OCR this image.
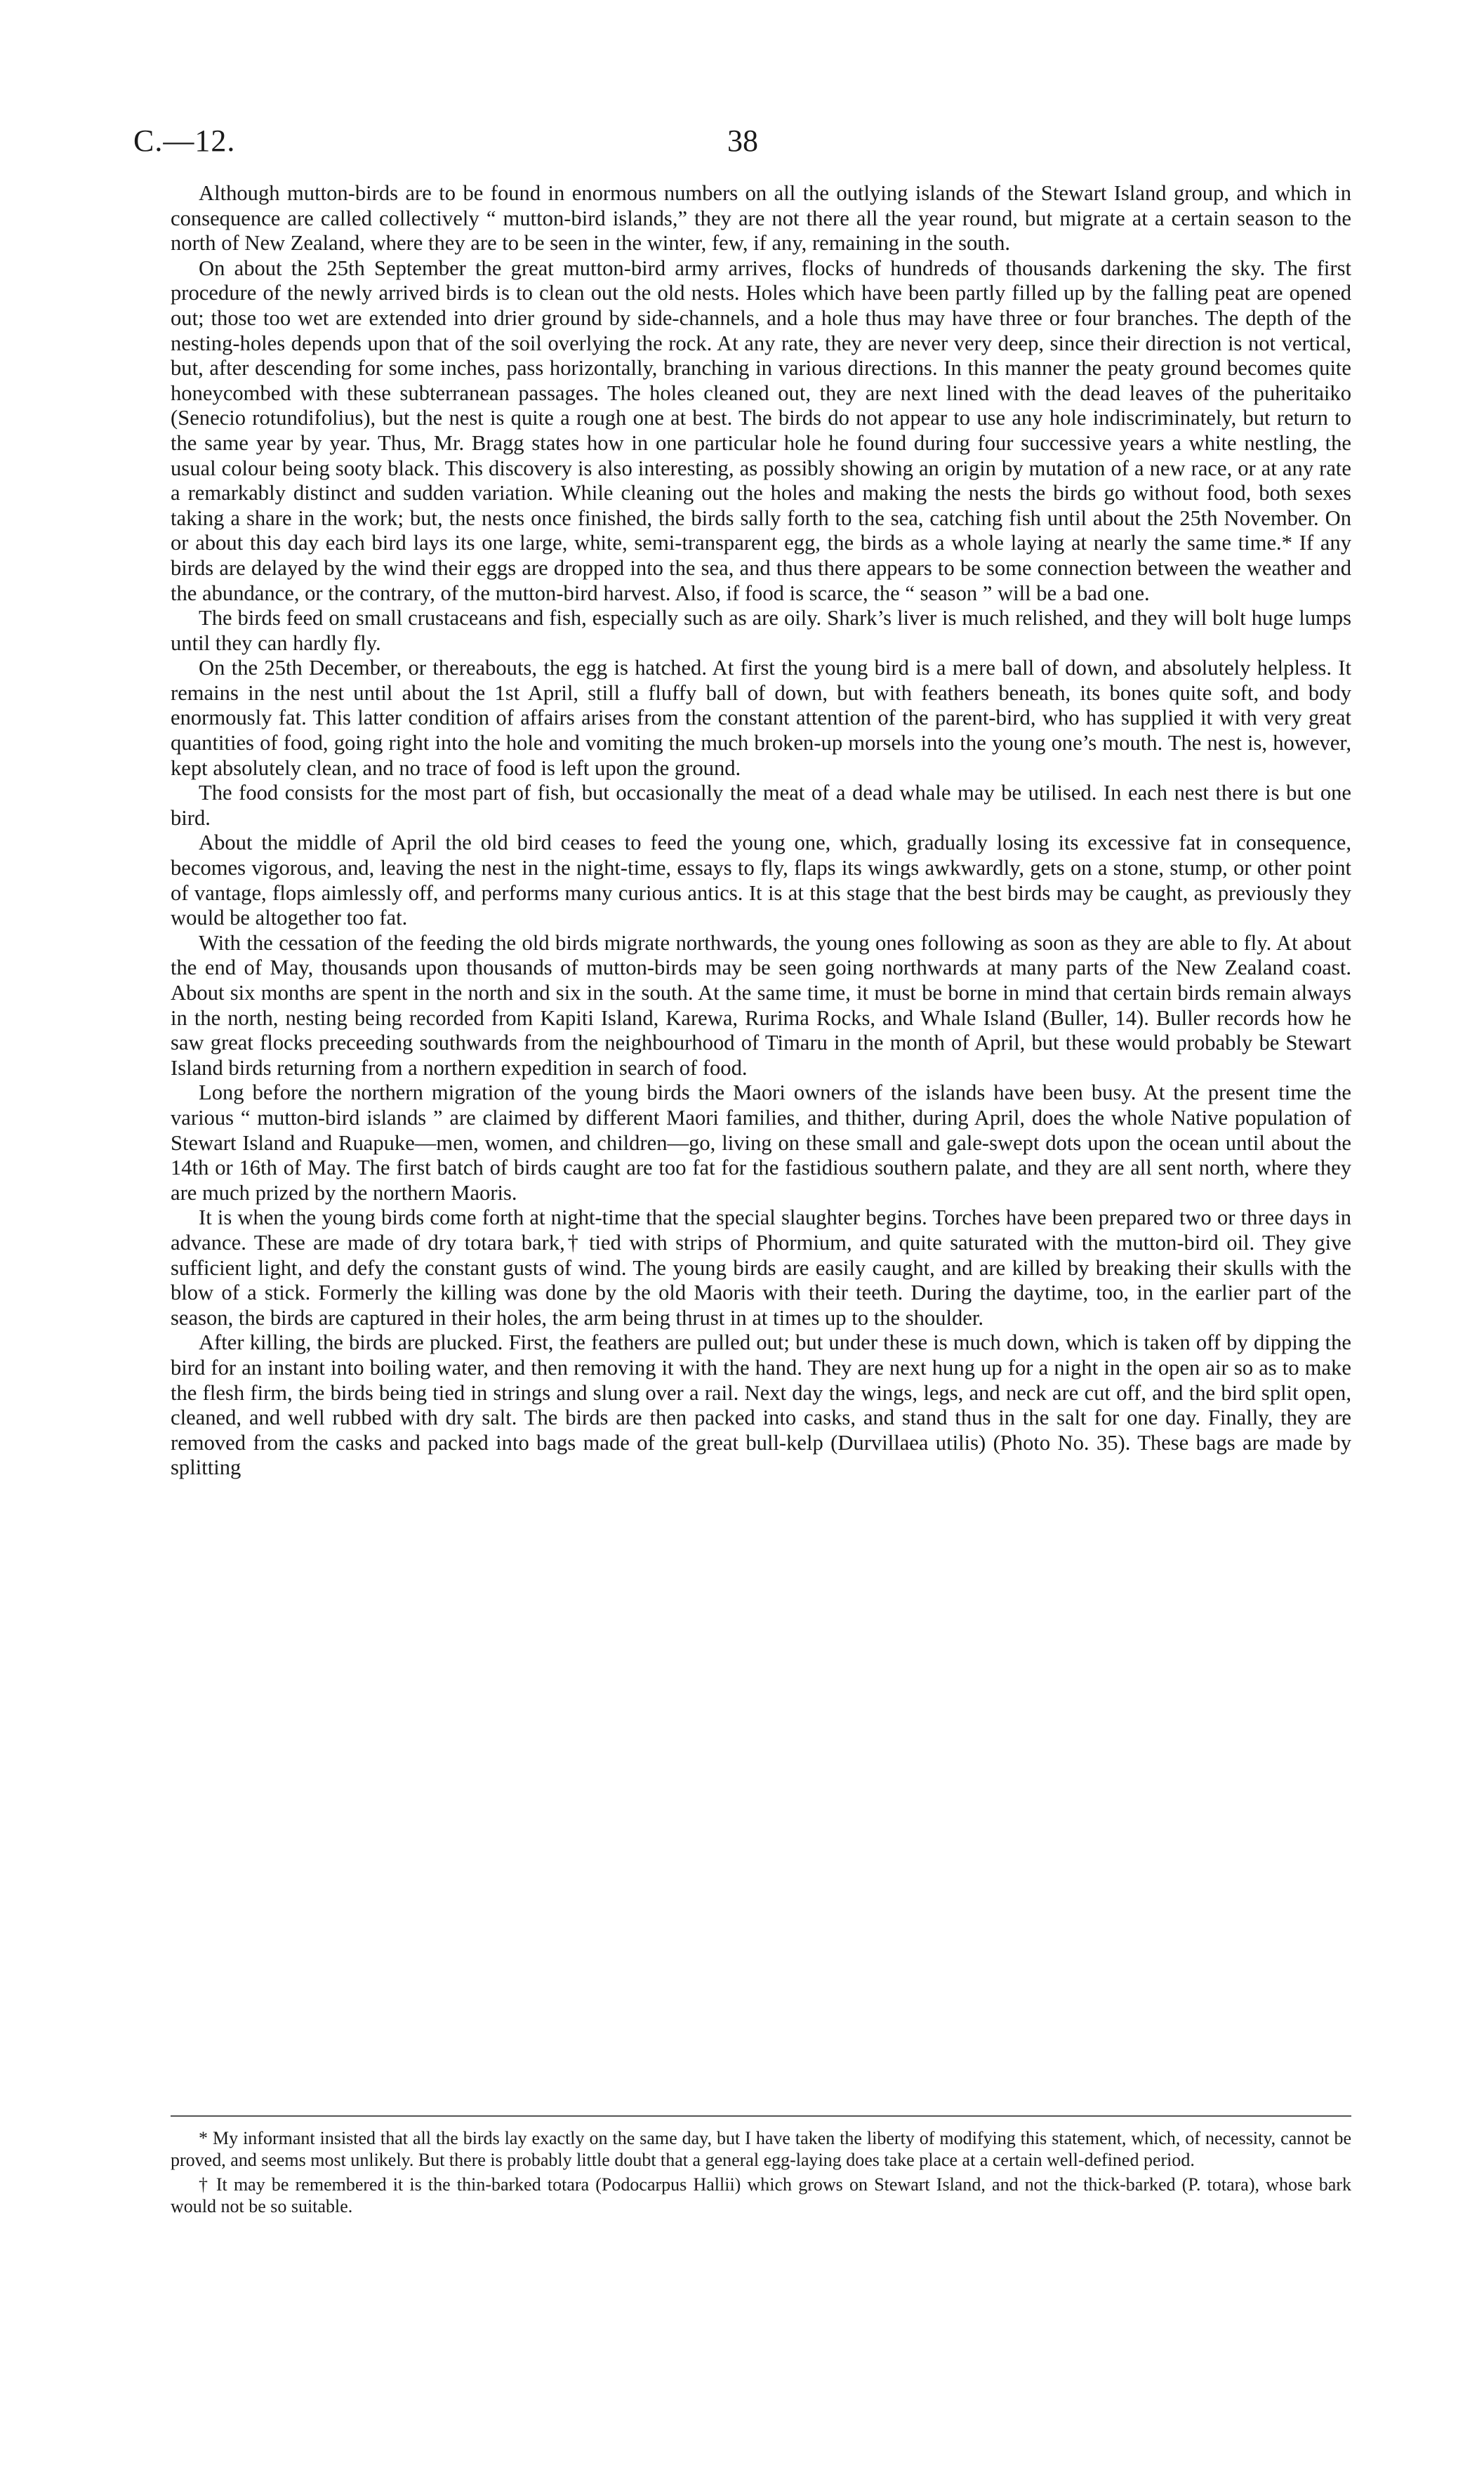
C.—12.	38

Although mutton-birds are to be found in enormous numbers on all the outlying islands of the Stewart Island group, and which in consequence are called collectively “ mutton-bird islands,” they are not there all the year round, but migrate at a certain season to the north of New Zealand, where they are to be seen in the winter, few, if any, remaining in the south.

On about the 25th September the great mutton-bird army arrives, flocks of hundreds of thousands darkening the sky. The first procedure of the newly arrived birds is to clean out the old nests. Holes which have been partly filled up by the falling peat are opened out; those too wet are extended into drier ground by side-channels, and a hole thus may have three or four branches. The depth of the nesting-holes depends upon that of the soil overlying the rock. At any rate, they are never very deep, since their direction is not vertical, but, after descending for some inches, pass horizontally, branching in various directions. In this manner the peaty ground becomes quite honeycombed with these subterranean passages. The holes cleaned out, they are next lined with the dead leaves of the puheritaiko (Senecio rotundifolius), but the nest is quite a rough one at best. The birds do not appear to use any hole indiscriminately, but return to the same year by year. Thus, Mr. Bragg states how in one particular hole he found during four successive years a white nestling, the usual colour being sooty black. This discovery is also interesting, as possibly showing an origin by mutation of a new race, or at any rate a remarkably distinct and sudden variation. While cleaning out the holes and making the nests the birds go without food, both sexes taking a share in the work; but, the nests once finished, the birds sally forth to the sea, catching fish until about the 25th November. On or about this day each bird lays its one large, white, semi-transparent egg, the birds as a whole laying at nearly the same time.* If any birds are delayed by the wind their eggs are dropped into the sea, and thus there appears to be some connection between the weather and the abundance, or the contrary, of the mutton-bird harvest. Also, if food is scarce, the “ season ” will be a bad one.

The birds feed on small crustaceans and fish, especially such as are oily. Shark’s liver is much relished, and they will bolt huge lumps until they can hardly fly.

On the 25th December, or thereabouts, the egg is hatched. At first the young bird is a mere ball of down, and absolutely helpless. It remains in the nest until about the 1st April, still a fluffy ball of down, but with feathers beneath, its bones quite soft, and body enormously fat. This latter condition of affairs arises from the constant attention of the parent-bird, who has supplied it with very great quantities of food, going right into the hole and vomiting the much broken-up morsels into the young one’s mouth. The nest is, however, kept absolutely clean, and no trace of food is left upon the ground.

The food consists for the most part of fish, but occasionally the meat of a dead whale may be utilised. In each nest there is but one bird.

About the middle of April the old bird ceases to feed the young one, which, gradually losing its excessive fat in consequence, becomes vigorous, and, leaving the nest in the night-time, essays to fly, flaps its wings awkwardly, gets on a stone, stump, or other point of vantage, flops aimlessly off, and performs many curious antics. It is at this stage that the best birds may be caught, as previously they would be altogether too fat.

With the cessation of the feeding the old birds migrate northwards, the young ones following as soon as they are able to fly. At about the end of May, thousands upon thousands of mutton-birds may be seen going northwards at many parts of the New Zealand coast. About six months are spent in the north and six in the south. At the same time, it must be borne in mind that certain birds remain always in the north, nesting being recorded from Kapiti Island, Karewa, Rurima Rocks, and Whale Island (Buller, 14). Buller records how he saw great flocks preceeding southwards from the neighbourhood of Timaru in the month of April, but these would probably be Stewart Island birds returning from a northern expedition in search of food.

Long before the northern migration of the young birds the Maori owners of the islands have been busy. At the present time the various “ mutton-bird islands ” are claimed by different Maori families, and thither, during April, does the whole Native population of Stewart Island and Ruapuke—men, women, and children—go, living on these small and gale-swept dots upon the ocean until about the 14th or 16th of May. The first batch of birds caught are too fat for the fastidious southern palate, and they are all sent north, where they are much prized by the northern Maoris.

It is when the young birds come forth at night-time that the special slaughter begins. Torches have been prepared two or three days in advance. These are made of dry totara bark,† tied with strips of Phormium, and quite saturated with the mutton-bird oil. They give sufficient light, and defy the constant gusts of wind. The young birds are easily caught, and are killed by breaking their skulls with the blow of a stick. Formerly the killing was done by the old Maoris with their teeth. During the daytime, too, in the earlier part of the season, the birds are captured in their holes, the arm being thrust in at times up to the shoulder.

After killing, the birds are plucked. First, the feathers are pulled out; but under these is much down, which is taken off by dipping the bird for an instant into boiling water, and then removing it with the hand. They are next hung up for a night in the open air so as to make the flesh firm, the birds being tied in strings and slung over a rail. Next day the wings, legs, and neck are cut off, and the bird split open, cleaned, and well rubbed with dry salt. The birds are then packed into casks, and stand thus in the salt for one day. Finally, they are removed from the casks and packed into bags made of the great bull-kelp (Durvillaea utilis) (Photo No. 35). These bags are made by splitting

* My informant insisted that all the birds lay exactly on the same day, but I have taken the liberty of modifying this statement, which, of necessity, cannot be proved, and seems most unlikely. But there is probably little doubt that a general egg-laying does take place at a certain well-defined period.

† It may be remembered it is the thin-barked totara (Podocarpus Hallii) which grows on Stewart Island, and not the thick-barked (P. totara), whose bark would not be so suitable.
